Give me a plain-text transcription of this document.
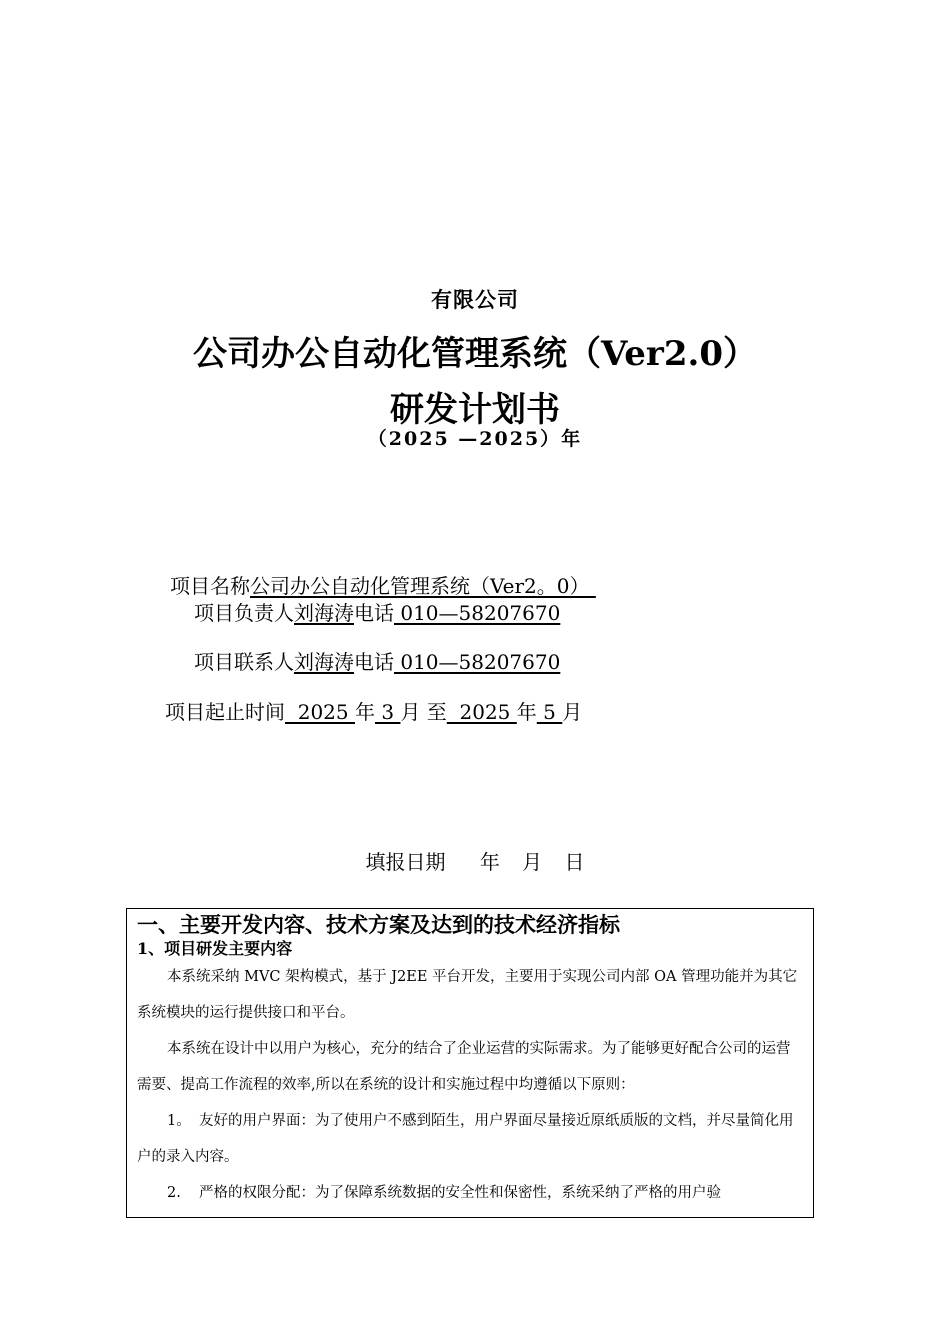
有限公司
公司办公自动化管理系统（Ver2.0）
研发计划书
（2025 —2025）年
项目名称公司办公自动化管理系统（Ver2。0）
项目负责人刘海涛电话 010—58207670
项目联系人刘海涛电话 010—58207670
项目起止时间  2025 年 3 月 至  2025 年 5 月
填报日期 年 月 日
一、主要开发内容、技术方案及达到的技术经济指标
1、项目研发主要内容

本系统采纳 MVC 架构模式，基于 J2EE 平台开发，主要用于实现公司内部 OA 管理功能并为其它系统模块的运行提供接口和平台。

本系统在设计中以用户为核心，充分的结合了企业运营的实际需求。为了能够更好配合公司的运营需要、提高工作流程的效率,所以在系统的设计和实施过程中均遵循以下原则：

1。 友好的用户界面：为了使用户不感到陌生，用户界面尽量接近原纸质版的文档，并尽量简化用户的录入内容。

2. 严格的权限分配：为了保障系统数据的安全性和保密性，系统采纳了严格的用户验
